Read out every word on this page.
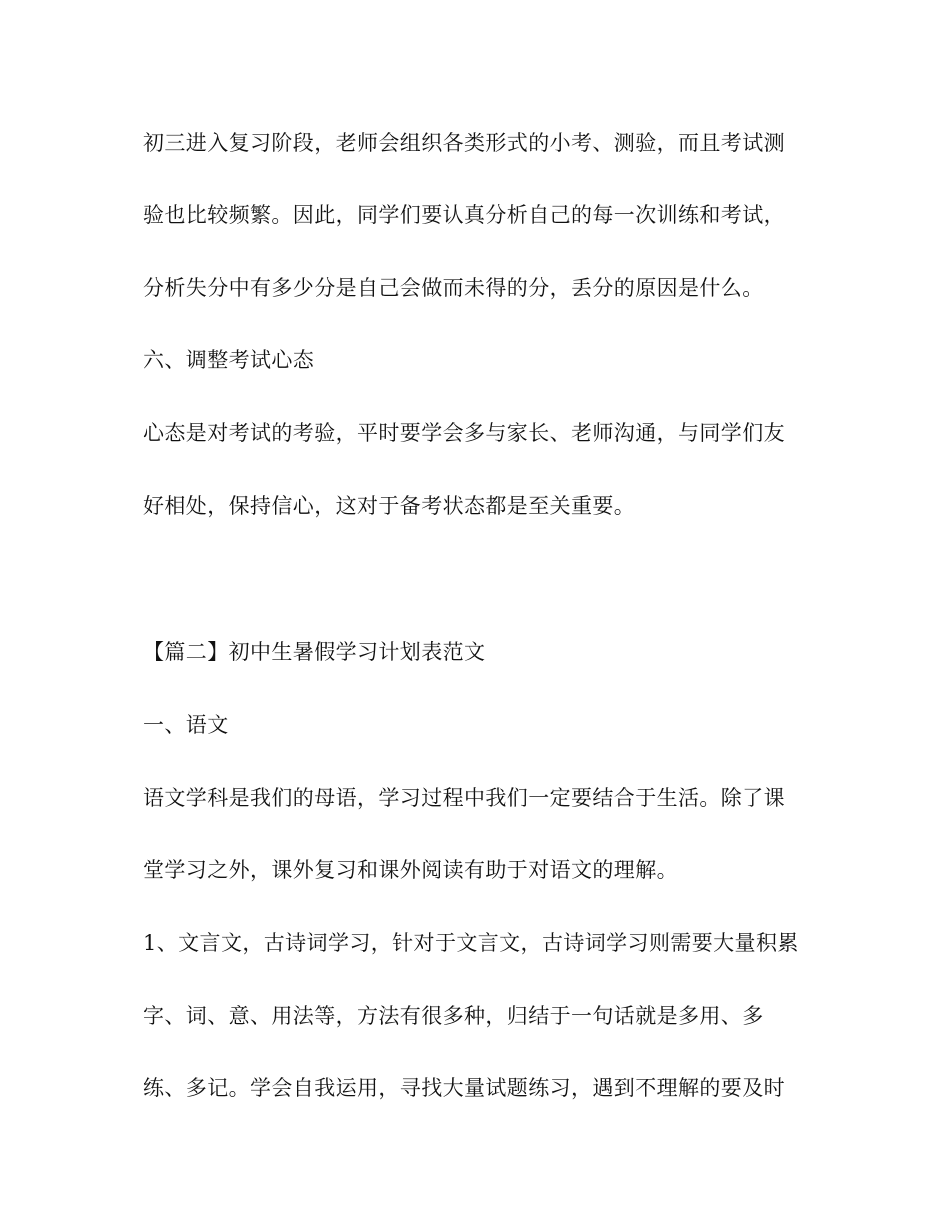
初三进入复习阶段，老师会组织各类形式的小考、测验，而且考试测
验也比较频繁。因此，同学们要认真分析自己的每一次训练和考试，
分析失分中有多少分是自己会做而未得的分，丢分的原因是什么。
六、调整考试心态
心态是对考试的考验，平时要学会多与家长、老师沟通，与同学们友
好相处，保持信心，这对于备考状态都是至关重要。
【篇二】初中生暑假学习计划表范文
一、语文
语文学科是我们的母语，学习过程中我们一定要结合于生活。除了课
堂学习之外，课外复习和课外阅读有助于对语文的理解。
1、文言文，古诗词学习，针对于文言文，古诗词学习则需要大量积累
字、词、意、用法等，方法有很多种，归结于一句话就是多用、多
练、多记。学会自我运用，寻找大量试题练习，遇到不理解的要及时
